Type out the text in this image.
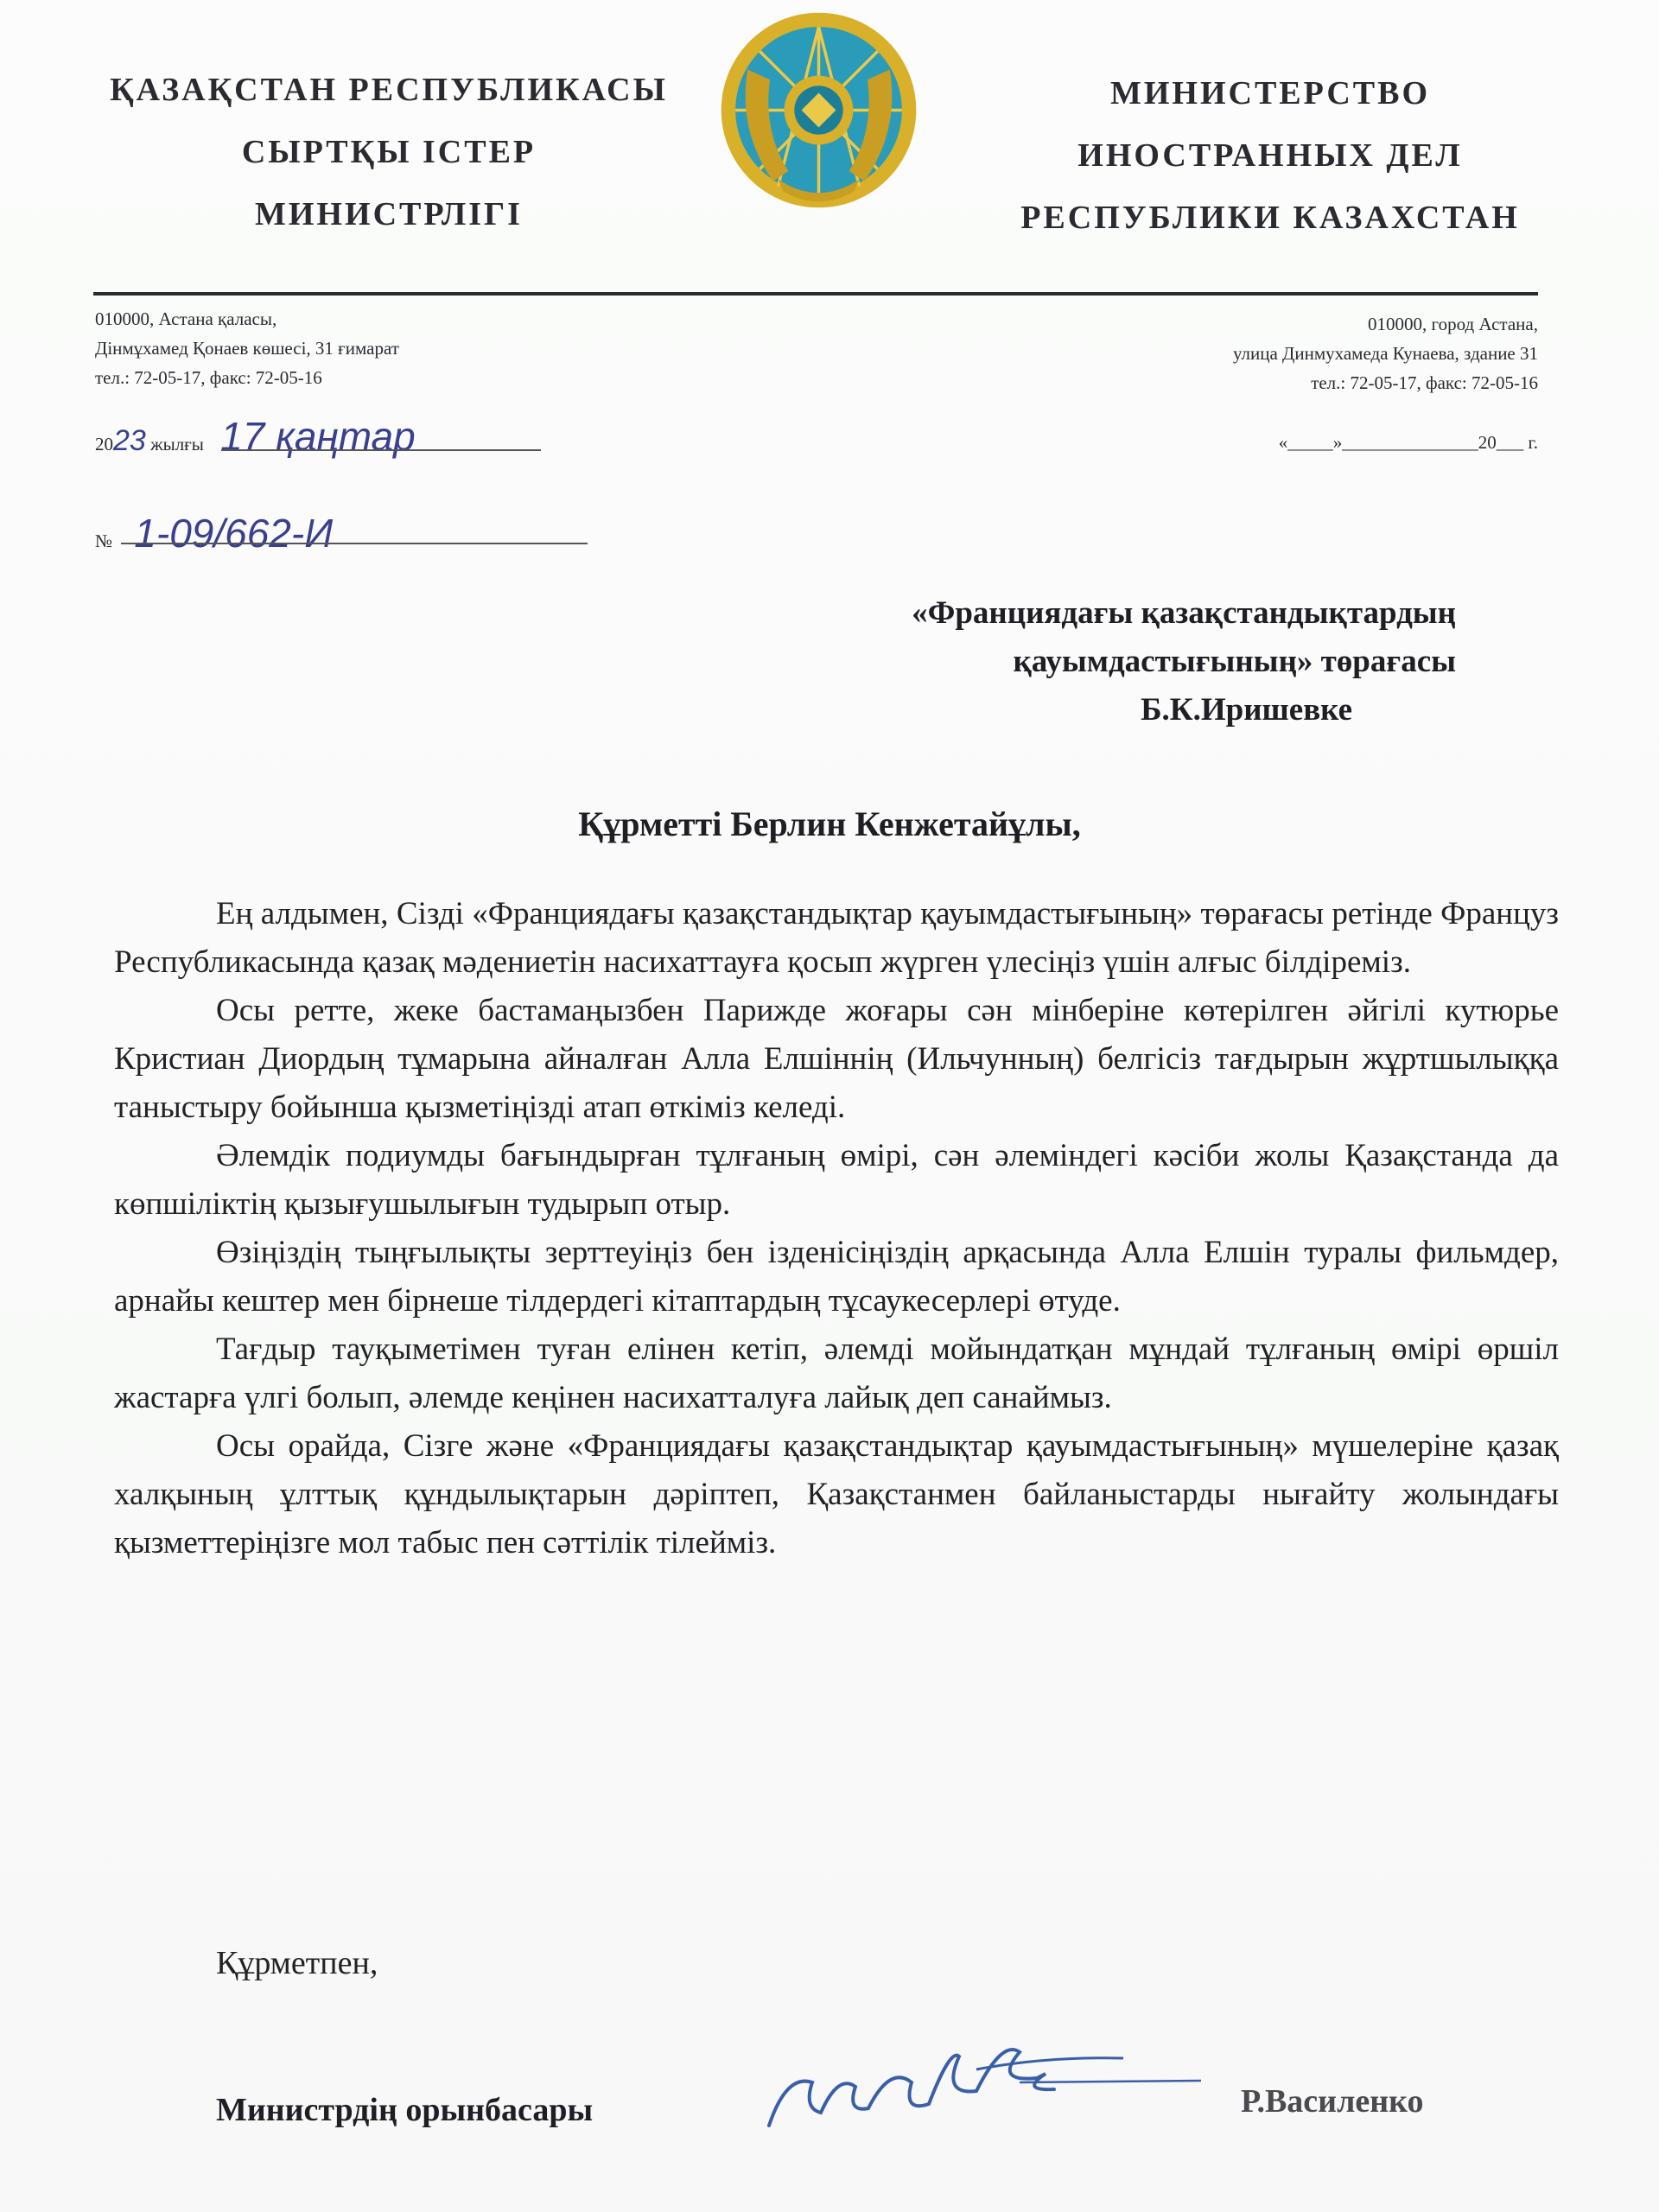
ҚАЗАҚСТАН РЕСПУБЛИКАСЫ
СЫРТҚЫ ІСТЕР
МИНИСТРЛІГІ
МИНИСТЕРСТВО
ИНОСТРАННЫХ ДЕЛ
РЕСПУБЛИКИ КАЗАХСТАН
010000, Астана қаласы,
Дінмұхамед Қонаев көшесі, 31 ғимарат
тел.: 72-05-17, факс: 72-05-16
010000, город Астана,
улица Динмухамеда Кунаева, здание 31
тел.: 72-05-17, факс: 72-05-16
2023 жылғы 17 қаңтар	«_____»_______________20___ г.
№ 1-09/662-И
«Франциядағы қазақстандықтардың
қауымдастығының» төрағасы
Б.К.Иришевке
Құрметті Берлин Кенжетайұлы,

Ең алдымен, Сізді «Франциядағы қазақстандықтар қауымдастығының» төрағасы ретінде Француз Республикасында қазақ мәдениетін насихаттауға қосып жүрген үлесіңіз үшін алғыс білдіреміз.

Осы ретте, жеке бастамаңызбен Парижде жоғары сән мінберіне көтерілген әйгілі кутюрье Кристиан Диордың тұмарына айналған Алла Елшіннің (Ильчунның) белгісіз тағдырын жұртшылыққа таныстыру бойынша қызметіңізді атап өткіміз келеді.

Әлемдік подиумды бағындырған тұлғаның өмірі, сән әлеміндегі кәсіби жолы Қазақстанда да көпшіліктің қызығушылығын тудырып отыр.

Өзіңіздің тыңғылықты зерттеуіңіз бен ізденісіңіздің арқасында Алла Елшін туралы фильмдер, арнайы кештер мен бірнеше тілдердегі кітаптардың тұсаукесерлері өтуде.

Тағдыр тауқыметімен туған елінен кетіп, әлемді мойындатқан мұндай тұлғаның өмірі өршіл жастарға үлгі болып, әлемде кеңінен насихатталуға лайық деп санаймыз.

Осы орайда, Сізге және «Франциядағы қазақстандықтар қауымдастығының» мүшелеріне қазақ халқының ұлттық құндылықтарын дәріптеп, Қазақстанмен байланыстарды нығайту жолындағы қызметтеріңізге мол табыс пен сәттілік тілейміз.

Құрметпен,
Министрдің орынбасары	Р.Василенко
